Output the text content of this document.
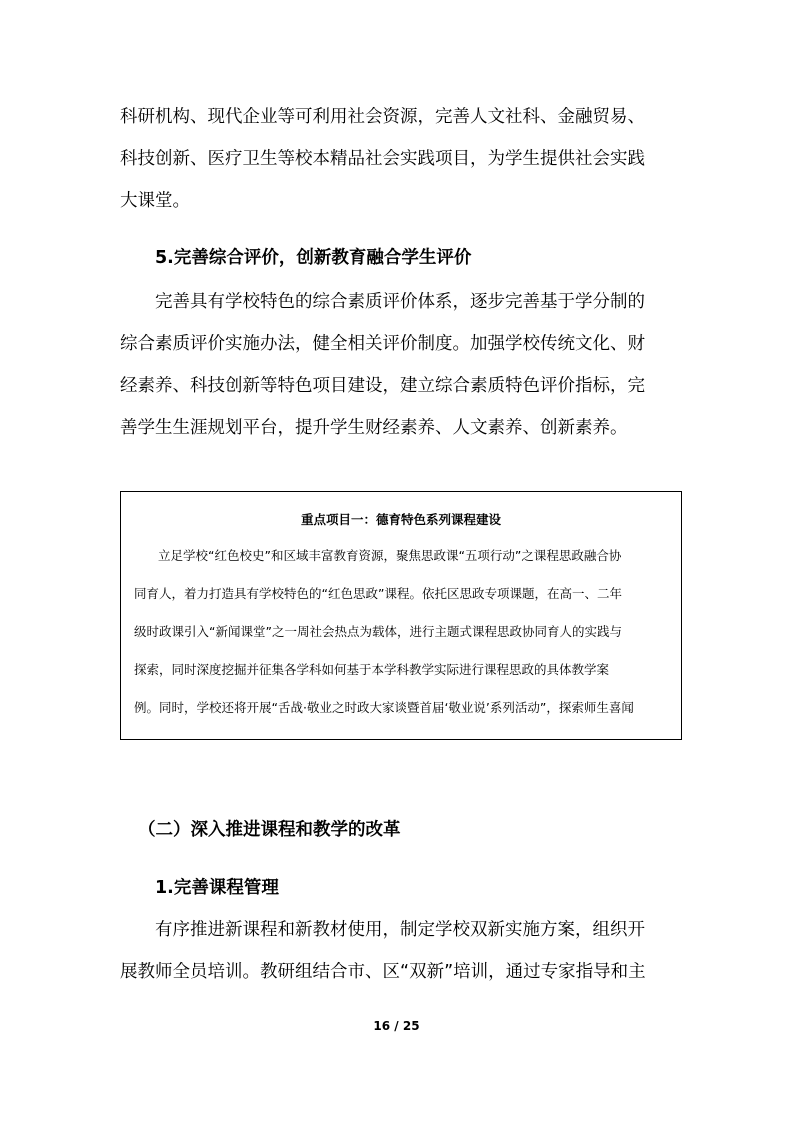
科研机构、现代企业等可利用社会资源，完善人文社科、金融贸易、
科技创新、医疗卫生等校本精品社会实践项目，为学生提供社会实践
大课堂。
5.完善综合评价，创新教育融合学生评价
完善具有学校特色的综合素质评价体系，逐步完善基于学分制的
综合素质评价实施办法，健全相关评价制度。加强学校传统文化、财
经素养、科技创新等特色项目建设，建立综合素质特色评价指标，完
善学生生涯规划平台，提升学生财经素养、人文素养、创新素养。
重点项目一：德育特色系列课程建设
立足学校“红色校史”和区域丰富教育资源，聚焦思政课“五项行动”之课程思政融合协
同育人，着力打造具有学校特色的“红色思政”课程。依托区思政专项课题，在高一、二年
级时政课引入“新闻课堂”之一周社会热点为载体，进行主题式课程思政协同育人的实践与
探索，同时深度挖掘并征集各学科如何基于本学科教学实际进行课程思政的具体教学案
例。同时，学校还将开展“舌战·敬业之时政大家谈暨首届‘敬业说’系列活动”，探索师生喜闻
（二）深入推进课程和教学的改革
1.完善课程管理
有序推进新课程和新教材使用，制定学校双新实施方案，组织开
展教师全员培训。教研组结合市、区“双新”培训，通过专家指导和主
16 / 25
